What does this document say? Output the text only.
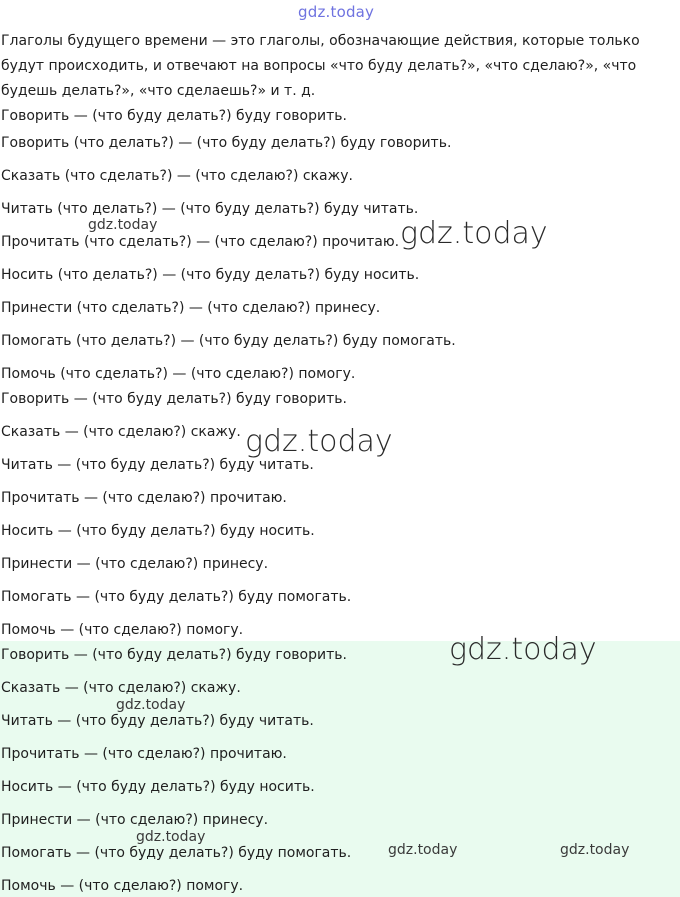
gdz.today
Глаголы будущего времени — это глаголы, обозначающие действия, которые только будут происходить, и отвечают на вопросы «что буду делать?», «что сделаю?», «что будешь делать?», «что сделаешь?» и т. д.
Говорить — (что буду делать?) буду говорить.
Говорить (что делать?) — (что буду делать?) буду говорить.
Сказать (что сделать?) — (что сделаю?) скажу.
Читать (что делать?) — (что буду делать?) буду читать.
Прочитать (что сделать?) — (что сделаю?) прочитаю.
Носить (что делать?) — (что буду делать?) буду носить.
Принести (что сделать?) — (что сделаю?) принесу.
Помогать (что делать?) — (что буду делать?) буду помогать.
Помочь (что сделать?) — (что сделаю?) помогу.
Говорить — (что буду делать?) буду говорить.
Сказать — (что сделаю?) скажу.
Читать — (что буду делать?) буду читать.
Прочитать — (что сделаю?) прочитаю.
Носить — (что буду делать?) буду носить.
Принести — (что сделаю?) принесу.
Помогать — (что буду делать?) буду помогать.
Помочь — (что сделаю?) помогу.
Говорить — (что буду делать?) буду говорить.
Сказать — (что сделаю?) скажу.
Читать — (что буду делать?) буду читать.
Прочитать — (что сделаю?) прочитаю.
Носить — (что буду делать?) буду носить.
Принести — (что сделаю?) принесу.
Помогать — (что буду делать?) буду помогать.
Помочь — (что сделаю?) помогу.
gdz.today	gdz.today
gdz.today
gdz.today
gdz.today
gdz.today
gdz.today	gdz.today
